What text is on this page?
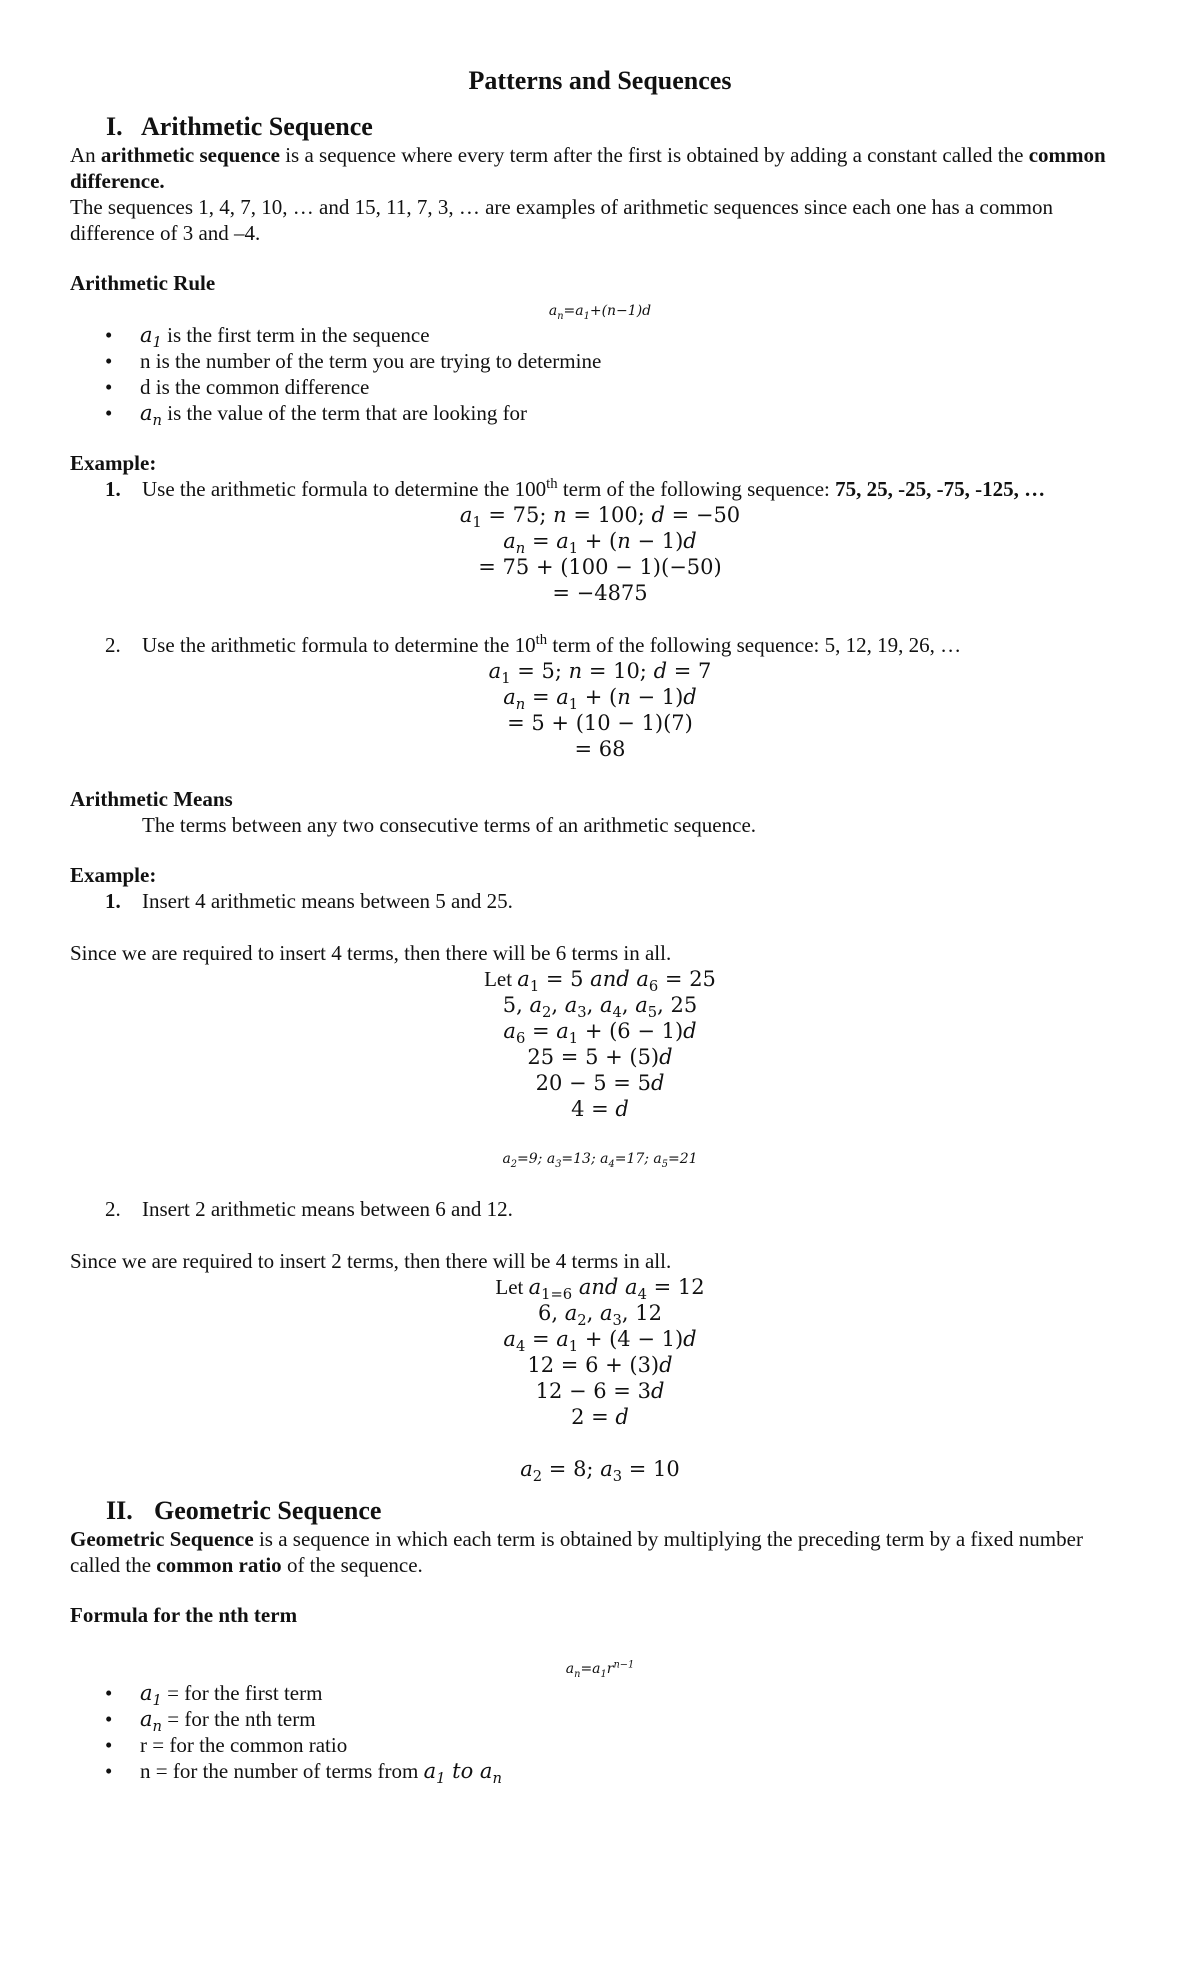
Patterns and Sequences

I. Arithmetic Sequence

An arithmetic sequence is a sequence where every term after the first is obtained by adding a constant called the common difference.

The sequences 1, 4, 7, 10, … and 15, 11, 7, 3, … are examples of arithmetic sequences since each one has a common difference of 3 and –4.

Arithmetic Rule

$a_n=a_1+(n-1)d$
• $a_1$ is the first term in the sequence
• n is the number of the term you are trying to determine
• d is the common difference
• $a_n$ is the value of the term that are looking for

Example:

1. Use the arithmetic formula to determine the 100th term of the following sequence: 75, 25, -25, -75, -125, …
$a_1 = 75$; n = 100; d = −50
$a_n = a_1 + (n - 1)d$
= 75 + (100 − 1)(−50)
= −4875
2. Use the arithmetic formula to determine the 10th term of the following sequence: 5, 12, 19, 26, …
$a_1 = 5$; n = 10; d = 7
$a_n = a_1 + (n - 1)d$
= 5 + (10 − 1)(7)
= 68

Arithmetic Means

The terms between any two consecutive terms of an arithmetic sequence.

Example:

1. Insert 4 arithmetic means between 5 and 25.

Since we are required to insert 4 terms, then there will be 6 terms in all.

Let $a_1 = 5$ and $a_6 = 25$
5, $a_2$, $a_3$, $a_4$, $a_5$, 25
$a_6 = a_1 + (6 - 1)d$
25 = 5 + (5)d
20 − 5 = 5d
4 = d
$a_2=9$; $a_3=13$; $a_4=17$; $a_5=21$
2. Insert 2 arithmetic means between 6 and 12.

Since we are required to insert 2 terms, then there will be 4 terms in all.

Let $a_{1=6}$ and $a_4 = 12$
6, $a_2$, $a_3$, 12
$a_4 = a_1 + (4 - 1)d$
12 = 6 + (3)d
12 − 6 = 3d
2 = d
$a_2 = 8$; $a_3 = 10$
II. Geometric Sequence

Geometric Sequence is a sequence in which each term is obtained by multiplying the preceding term by a fixed number called the common ratio of the sequence.

Formula for the nth term

$a_n=a_1r^{n-1}$
• $a_1$ = for the first term
• $a_n$ = for the nth term
• r = for the common ratio
• n = for the number of terms from $a_1$ to $a_n$
